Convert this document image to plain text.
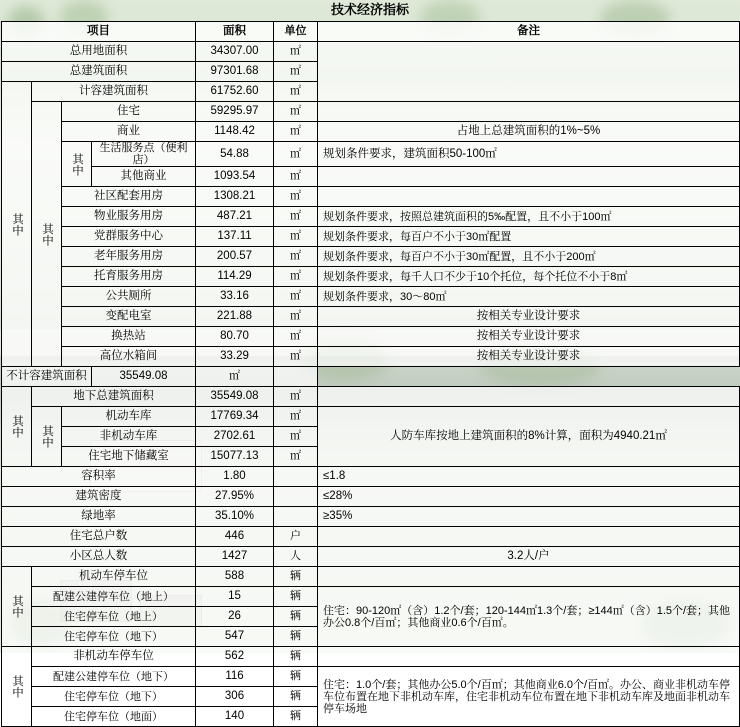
技术经济指标
项目				面积	单位	备注
总用地面积				34307.00	㎡	
总建筑面积				97301.68	㎡	

其中	计容建筑面积			61752.60	㎡	

其中	住宅		59295.97	㎡	
		商业		1148.42	㎡	占地上总建筑面积的1%~5%

其中	生活服务点（便利店）	54.88	㎡	规划条件要求，建筑面积50-100㎡
			其他商业	1093.54	㎡	
		社区配套用房		1308.21	㎡	
		物业服务用房		487.21	㎡	规划条件要求，按照总建筑面积的5‰配置，且不小于100㎡
		党群服务中心		137.11	㎡	规划条件要求，每百户不小于30㎡配置
		老年服务用房		200.57	㎡	规划条件要求，每百户不小于30㎡配置，且不小于200㎡
		托育服务用房		114.29	㎡	规划条件要求，每千人口不少于10个托位，每个托位不小于8㎡
		公共厕所		33.16	㎡	规划条件要求，30～80㎡
		变配电室		221.88	㎡	按相关专业设计要求
		换热站		80.70	㎡	按相关专业设计要求
		高位水箱间		33.29	㎡	按相关专业设计要求
不计容建筑面积			35549.08	㎡		

其中	地下总建筑面积			35549.08	㎡	

其中	机动车库		17769.34	㎡	人防车库按地上建筑面积的8%计算，面积为4940.21㎡
		非机动车库		2702.61	㎡	
		住宅地下储藏室		15077.13	㎡	
容积率				1.80		≤1.8
建筑密度				27.95%		≤28%
绿地率				35.10%		≥35%
住宅总户数				446	户	
小区总人数				1427	人	3.2人/户

其中	机动车停车位			588	辆	
	配建公建停车位（地上）			15	辆	住宅：90-120㎡（含）1.2个/套；120-144㎡1.3个/套；≥144㎡（含）1.5个/套；其他办公0.8个/百㎡；其他商业0.6个/百㎡。
	住宅停车位（地上）			26	辆	
	住宅停车位（地下）			547	辆	

其中	非机动车停车位			562	辆	
	配建公建停车位（地下）			116	辆	住宅：1.0个/套；其他办公5.0个/百㎡；其他商业6.0个/百㎡。办公、商业非机动车停车位布置在地下非机动车库，住宅非机动车位布置在地下非机动车库及地面非机动车停车场地
	住宅停车位（地下）			306	辆	
	住宅停车位（地面）			140	辆	
